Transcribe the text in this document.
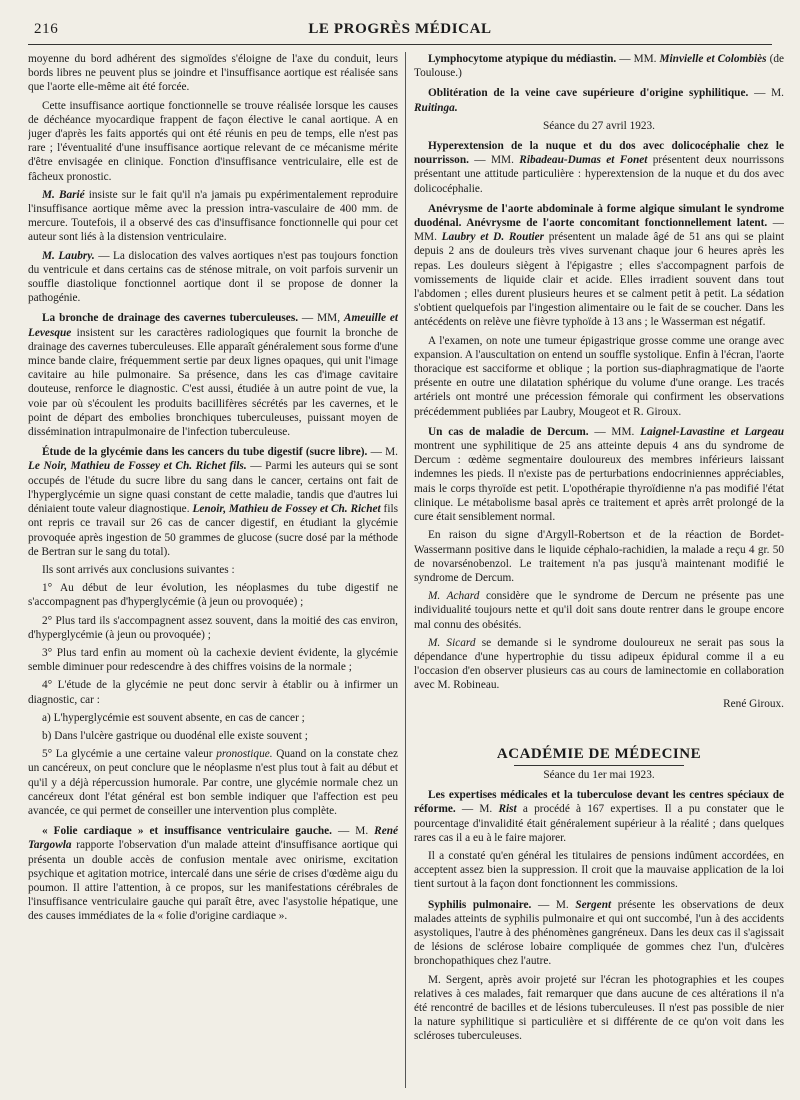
216	LE PROGRÈS MÉDICAL

moyenne du bord adhérent des sigmoïdes s'éloigne de l'axe du conduit, leurs bords libres ne peuvent plus se joindre et l'insuffisance aortique est réalisée sans que l'aorte elle-même ait été forcée.

Cette insuffisance aortique fonctionnelle se trouve réalisée lorsque les causes de déchéance myocardique frappent de façon élective le canal aortique. A en juger d'après les faits apportés qui ont été réunis en peu de temps, elle n'est pas rare ; l'éventualité d'une insuffisance aortique relevant de ce mécanisme mérite d'être envisagée en clinique. Fonction d'insuffisance ventriculaire, elle est de fâcheux pronostic.

M. Barié insiste sur le fait qu'il n'a jamais pu expérimentalement reproduire l'insuffisance aortique même avec la pression intra-vasculaire de 400 mm. de mercure. Toutefois, il a observé des cas d'insuffisance fonctionnelle qui pour cet auteur sont liés à la distension ventriculaire.

M. Laubry. — La dislocation des valves aortiques n'est pas toujours fonction du ventricule et dans certains cas de sténose mitrale, on voit parfois survenir un souffle diastolique fonctionnel aortique dont il se propose de donner la pathogénie.

La bronche de drainage des cavernes tuberculeuses. — MM, Ameuille et Levesque insistent sur les caractères radiologiques que fournit la bronche de drainage des cavernes tuberculeuses. Elle apparaît généralement sous forme d'une mince bande claire, fréquemment sertie par deux lignes opaques, qui unit l'image cavitaire au hile pulmonaire. Sa présence, dans les cas d'image cavitaire douteuse, renforce le diagnostic. C'est aussi, étudiée à un autre point de vue, la voie par où s'écoulent les produits bacillifères sécrétés par les cavernes, et le point de départ des embolies bronchiques tuberculeuses, puissant moyen de dissémination intrapulmonaire de l'infection tuberculeuse.

Étude de la glycémie dans les cancers du tube digestif (sucre libre). — M. Le Noir, Mathieu de Fossey et Ch. Richet fils. — Parmi les auteurs qui se sont occupés de l'étude du sucre libre du sang dans le cancer, certains ont fait de l'hyperglycémie un signe quasi constant de cette maladie, tandis que d'autres lui déniaient toute valeur diagnostique. Lenoir, Mathieu de Fossey et Ch. Richet fils ont repris ce travail sur 26 cas de cancer digestif, en étudiant la glycémie provoquée après ingestion de 50 grammes de glucose (sucre dosé par la méthode de Bertran sur le sang du total).

Ils sont arrivés aux conclusions suivantes :

1° Au début de leur évolution, les néoplasmes du tube digestif ne s'accompagnent pas d'hyperglycémie (à jeun ou provoquée) ;

2° Plus tard ils s'accompagnent assez souvent, dans la moitié des cas environ, d'hyperglycémie (à jeun ou provoquée) ;

3° Plus tard enfin au moment où la cachexie devient évidente, la glycémie semble diminuer pour redescendre à des chiffres voisins de la normale ;

4° L'étude de la glycémie ne peut donc servir à établir ou à infirmer un diagnostic, car :

a) L'hyperglycémie est souvent absente, en cas de cancer ;

b) Dans l'ulcère gastrique ou duodénal elle existe souvent ;

5° La glycémie a une certaine valeur pronostique. Quand on la constate chez un cancéreux, on peut conclure que le néoplasme n'est plus tout à fait au début et qu'il y a déjà répercussion humorale. Par contre, une glycémie normale chez un cancéreux dont l'état général est bon semble indiquer que l'affection est peu avancée, ce qui permet de conseiller une intervention plus complète.

« Folie cardiaque » et insuffisance ventriculaire gauche. — M. René Targowla rapporte l'observation d'un malade atteint d'insuffisance aortique qui présenta un double accès de confusion mentale avec onirisme, excitation psychique et agitation motrice, intercalé dans une série de crises d'œdème aigu du poumon. Il attire l'attention, à ce propos, sur les manifestations cérébrales de l'insuffisance ventriculaire gauche qui paraît être, avec l'asystolie hépatique, une des causes immédiates de la « folie d'origine cardiaque ».

Lymphocytome atypique du médiastin. — MM. Minvielle et Colombiès (de Toulouse.)

Oblitération de la veine cave supérieure d'origine syphilitique. — M. Ruitinga.

Séance du 27 avril 1923.

Hyperextension de la nuque et du dos avec dolicocéphalie chez le nourrisson. — MM. Ribadeau-Dumas et Fonet présentent deux nourrissons présentant une attitude particulière : hyperextension de la nuque et du dos avec dolicocéphalie.

Anévrysme de l'aorte abdominale à forme algique simulant le syndrome duodénal. Anévrysme de l'aorte concomitant fonctionnellement latent. — MM. Laubry et D. Routier présentent un malade âgé de 51 ans qui se plaint depuis 2 ans de douleurs très vives survenant chaque jour 6 heures après les repas. Les douleurs siègent à l'épigastre ; elles s'accompagnent parfois de vomissements de liquide clair et acide. Elles irradient souvent dans tout l'abdomen ; elles durent plusieurs heures et se calment petit à petit. La sédation s'obtient quelquefois par l'ingestion alimentaire ou le fait de se coucher. Dans les antécédents on relève une fièvre typhoïde à 13 ans ; le Wasserman est négatif.

A l'examen, on note une tumeur épigastrique grosse comme une orange avec expansion. A l'auscultation on entend un souffle systolique. Enfin à l'écran, l'aorte thoracique est sacciforme et oblique ; la portion sus-diaphragmatique de l'aorte présente en outre une dilatation sphérique du volume d'une orange. Les tracés artériels ont montré une précession fémorale qui confirment les observations précédemment publiées par Laubry, Mougeot et R. Giroux.

Un cas de maladie de Dercum. — MM. Laignel-Lavastine et Largeau montrent une syphilitique de 25 ans atteinte depuis 4 ans du syndrome de Dercum : œdème segmentaire douloureux des membres inférieurs laissant indemnes les pieds. Il n'existe pas de perturbations endocriniennes appréciables, mais le corps thyroïde est petit. L'opothérapie thyroïdienne n'a pas modifié l'état clinique. Le métabolisme basal après ce traitement et après arrêt prolongé de la cure était sensiblement normal.

En raison du signe d'Argyll-Robertson et de la réaction de Bordet-Wassermann positive dans le liquide céphalo-rachidien, la malade a reçu 4 gr. 50 de novarsénobenzol. Le traitement n'a pas jusqu'à maintenant modifié le syndrome de Dercum.

M. Achard considère que le syndrome de Dercum ne présente pas une individualité toujours nette et qu'il doit sans doute rentrer dans le groupe encore mal connu des obésités.

M. Sicard se demande si le syndrome douloureux ne serait pas sous la dépendance d'une hypertrophie du tissu adipeux épidural comme il a eu l'occasion d'en observer plusieurs cas au cours de laminectomie en collaboration avec M. Robineau.

René Giroux.

ACADÉMIE DE MÉDECINE

Séance du 1er mai 1923.

Les expertises médicales et la tuberculose devant les centres spéciaux de réforme. — M. Rist a procédé à 167 expertises. Il a pu constater que le pourcentage d'invalidité était généralement supérieur à la réalité ; dans quelques rares cas il a eu à le faire majorer.

Il a constaté qu'en général les titulaires de pensions indûment accordées, en acceptent assez bien la suppression. Il croit que la mauvaise application de la loi tient surtout à la façon dont fonctionnent les commissions.

Syphilis pulmonaire. — M. Sergent présente les observations de deux malades atteints de syphilis pulmonaire et qui ont succombé, l'un à des accidents asystoliques, l'autre à des phénomènes gangréneux. Dans les deux cas il s'agissait de lésions de sclérose lobaire compliquée de gommes chez l'un, d'ulcères bronchopathiques chez l'autre.

M. Sergent, après avoir projeté sur l'écran les photographies et les coupes relatives à ces malades, fait remarquer que dans aucune de ces altérations il n'a été rencontré de bacilles et de lésions tuberculeuses. Il n'est pas possible de nier la nature syphilitique si particulière et si différente de ce qu'on voit dans les scléroses tuberculeuses.
